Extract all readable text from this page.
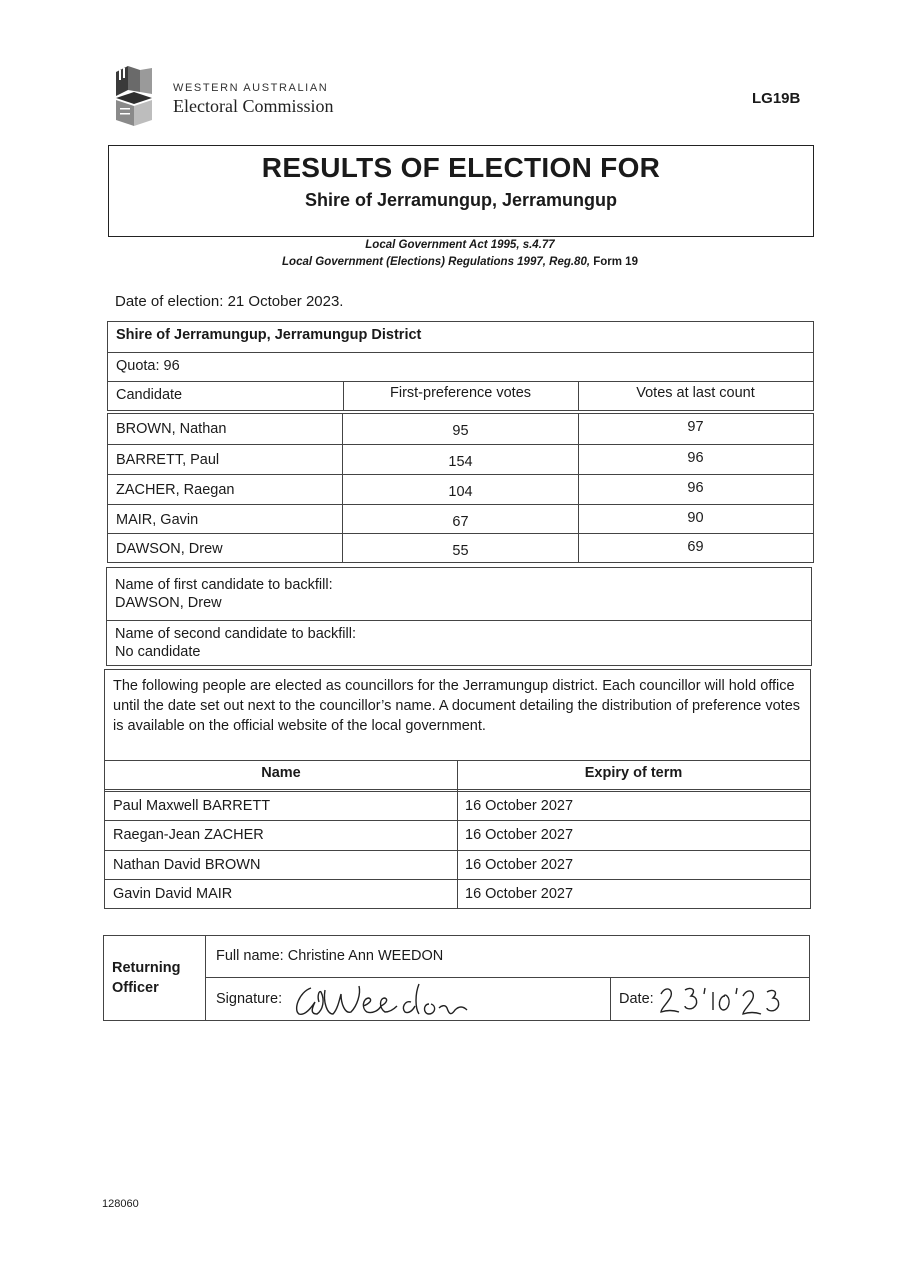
WESTERN AUSTRALIAN
Electoral Commission	LG19B
RESULTS OF ELECTION FOR
Shire of Jerramungup, Jerramungup
Local Government Act 1995, s.4.77
Local Government (Elections) Regulations 1997, Reg.80, Form 19
Date of election: 21 October 2023.
Shire of Jerramungup, Jerramungup District
Quota: 96
Candidate	First-preference votes	Votes at last count
BROWN, Nathan	95	97
BARRETT, Paul	154	96
ZACHER, Raegan	104	96
MAIR, Gavin	67	90
DAWSON, Drew	55	69
Name of first candidate to backfill:
DAWSON, Drew
Name of second candidate to backfill:
No candidate
The following people are elected as councillors for the Jerramungup district. Each councillor will hold office until the date set out next to the councillor’s name. A document detailing the distribution of preference votes is available on the official website of the local government.
Name	Expiry of term
Paul Maxwell BARRETT	16 October 2027
Raegan-Jean ZACHER	16 October 2027
Nathan David BROWN	16 October 2027
Gavin David MAIR	16 October 2027
Returning
Officer
Full name: Christine Ann WEEDON
Signature:	Date:
128060
